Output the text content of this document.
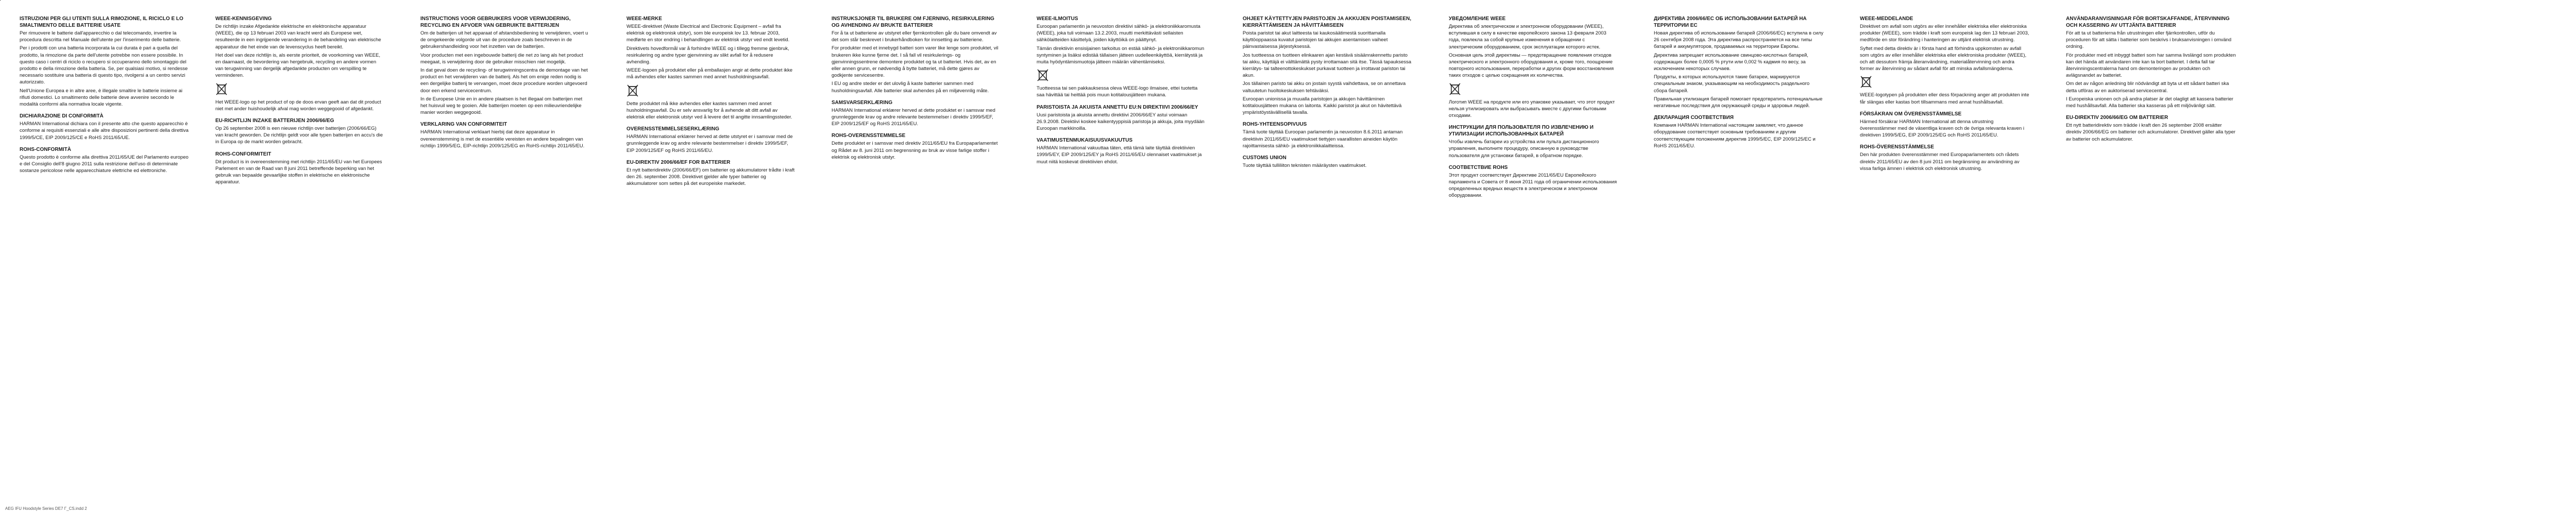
ISTRUZIONI PER GLI UTENTI SULLA RIMOZIONE, IL RICICLO E LO SMALTIMENTO DELLE BATTERIE USATE

Per rimuovere le batterie dall'apparecchio o dal telecomando, invertire la procedura descritta nel Manuale dell'utente per l'inserimento delle batterie.

Per i prodotti con una batteria incorporata la cui durata è pari a quella del prodotto, la rimozione da parte dell'utente potrebbe non essere possibile. In questo caso i centri di riciclo o recupero si occuperanno dello smontaggio del prodotto e della rimozione della batteria. Se, per qualsiasi motivo, si rendesse necessario sostituire una batteria di questo tipo, rivolgersi a un centro servizi autorizzato.

Nell'Unione Europea e in altre aree, è illegale smaltire le batterie insieme ai rifiuti domestici. Lo smaltimento delle batterie deve avvenire secondo le modalità conformi alla normativa locale vigente.

DICHIARAZIONE DI CONFORMITÀ

HARMAN International dichiara con il presente atto che questo apparecchio è conforme ai requisiti essenziali e alle altre disposizioni pertinenti della direttiva 1999/5/CE, EIP 2009/125/CE e RoHS 2011/65/UE.

ROHS-CONFORMITÀ

Questo prodotto è conforme alla direttiva 2011/65/UE del Parlamento europeo e del Consiglio dell'8 giugno 2011 sulla restrizione dell'uso di determinate sostanze pericolose nelle apparecchiature elettriche ed elettroniche.

WEEE-KENNISGEVING

De richtlijn inzake Afgedankte elektrische en elektronische apparatuur (WEEE), die op 13 februari 2003 van kracht werd als Europese wet, resulteerde in een ingrijpende verandering in de behandeling van elektrische apparatuur die het einde van de levenscyclus heeft bereikt.

Het doel van deze richtlijn is, als eerste prioriteit, de voorkoming van WEEE, en daarnaast, de bevordering van hergebruik, recycling en andere vormen van terugwinning van dergelijk afgedankte producten om verspilling te verminderen.

Het WEEE-logo op het product of op de doos ervan geeft aan dat dit product niet met ander huishoudelijk afval mag worden weggegooid of afgedankt.

EU-RICHTLIJN INZAKE BATTERIJEN 2006/66/EG

Op 26 september 2008 is een nieuwe richtlijn over batterijen (2006/66/EG) van kracht geworden. De richtlijn geldt voor alle typen batterijen en accu's die in Europa op de markt worden gebracht.

ROHS-CONFORMITEIT

Dit product is in overeenstemming met richtlijn 2011/65/EU van het Europees Parlement en van de Raad van 8 juni 2011 betreffende beperking van het gebruik van bepaalde gevaarlijke stoffen in elektrische en elektronische apparatuur.

INSTRUCTIONS VOOR GEBRUIKERS VOOR VERWIJDERING, RECYCLING EN AFVOER VAN GEBRUIKTE BATTERIJEN

Om de batterijen uit het apparaat of afstandsbediening te verwijderen, voert u de omgekeerde volgorde uit van de procedure zoals beschreven in de gebruikershandleiding voor het inzetten van de batterijen.

Voor producten met een ingebouwde batterij die net zo lang als het product meegaat, is verwijdering door de gebruiker misschien niet mogelijk.

In dat geval doen de recycling- of terugwinningscentra de demontage van het product en het verwijderen van de batterij. Als het om enige reden nodig is een dergelijke batterij te vervangen, moet deze procedure worden uitgevoerd door een erkend servicecentrum.

In de Europese Unie en in andere plaatsen is het illegaal om batterijen met het huisvuil weg te gooien. Alle batterijen moeten op een milieuvriendelijke manier worden weggegooid.

VERKLARING VAN CONFORMITEIT

HARMAN International verklaart hierbij dat deze apparatuur in overeenstemming is met de essentiële vereisten en andere bepalingen van richtlijn 1999/5/EG, EIP-richtlijn 2009/125/EG en RoHS-richtlijn 2011/65/EU.

WEEE-MERKE

WEEE-direktivet (Waste Electrical and Electronic Equipment – avfall fra elektrisk og elektronisk utstyr), som ble europeisk lov 13. februar 2003, medførte en stor endring i behandlingen av elektrisk utstyr ved endt levetid.

Direktivets hovedformål var å forhindre WEEE og i tillegg fremme gjenbruk, resirkulering og andre typer gjenvinning av slikt avfall for å redusere avhending.

WEEE-logoen på produktet eller på emballasjen angir at dette produktet ikke må avhendes eller kastes sammen med annet husholdningsavfall.

Dette produktet må ikke avhendes eller kastes sammen med annet husholdningsavfall. Du er selv ansvarlig for å avhende alt ditt avfall av elektrisk eller elektronisk utstyr ved å levere det til angitte innsamlingssteder.

OVERENSSTEMMELSESERKLÆRING

HARMAN International erklærer herved at dette utstyret er i samsvar med de grunnleggende krav og andre relevante bestemmelser i direktiv 1999/5/EF, EIP 2009/125/EF og RoHS 2011/65/EU.

EU-DIREKTIV 2006/66/EF FOR BATTERIER

Et nytt batteridirektiv (2006/66/EF) om batterier og akkumulatorer trådte i kraft den 26. september 2008. Direktivet gjelder alle typer batterier og akkumulatorer som settes på det europeiske markedet.

INSTRUKSJONER TIL BRUKERE OM FJERNING, RESIRKULERING OG AVHENDING AV BRUKTE BATTERIER

For å ta ut batteriene av utstyret eller fjernkontrollen går du bare omvendt av det som står beskrevet i brukerhåndboken for innsetting av batteriene.

For produkter med et innebygd batteri som varer like lenge som produktet, vil brukeren ikke kunne fjerne det. I så fall vil resirkulerings- og gjenvinningssentrene demontere produktet og ta ut batteriet. Hvis det, av en eller annen grunn, er nødvendig å bytte batteriet, må dette gjøres av godkjente servicesentre.

I EU og andre steder er det ulovlig å kaste batterier sammen med husholdningsavfall. Alle batterier skal avhendes på en miljøvennlig måte.

SAMSVARSERKLÆRING

HARMAN International erklærer herved at dette produktet er i samsvar med grunnleggende krav og andre relevante bestemmelser i direktiv 1999/5/EF, EIP 2009/125/EF og RoHS 2011/65/EU.

ROHS-OVERENSSTEMMELSE

Dette produktet er i samsvar med direktiv 2011/65/EU fra Europaparlamentet og Rådet av 8. juni 2011 om begrensning av bruk av visse farlige stoffer i elektrisk og elektronisk utstyr.

WEEE-ILMOITUS

Euroopan parlamentin ja neuvoston direktiivi sähkö- ja elektroniikkaromusta (WEEE), joka tuli voimaan 13.2.2003, muutti merkittävästi sellaisten sähkölaitteiden käsittelyä, joiden käyttöikä on päättynyt.

Tämän direktiivin ensisijainen tarkoitus on estää sähkö- ja elektroniikkaromun syntyminen ja lisäksi edistää tällaisen jätteen uudelleenkäyttöä, kierrätystä ja muita hyödyntämismuotoja jätteen määrän vähentämiseksi.

Tuotteessa tai sen pakkauksessa oleva WEEE-logo ilmaisee, ettei tuotetta saa hävittää tai heittää pois muun kotitalousjätteen mukana.

PARISTOISTA JA AKUISTA ANNETTU EU:N DIREKTIIVI 2006/66/EY

Uusi paristoista ja akuista annettu direktiivi 2006/66/EY astui voimaan 26.9.2008. Direktiivi koskee kaikentyyppisiä paristoja ja akkuja, joita myydään Euroopan markkinoilla.

VAATIMUSTENMUKAISUUSVAKUUTUS

HARMAN International vakuuttaa täten, että tämä laite täyttää direktiivien 1999/5/EY, EIP 2009/125/EY ja RoHS 2011/65/EU olennaiset vaatimukset ja muut niitä koskevat direktiivien ehdot.

OHJEET KÄYTETTYJEN PARISTOJEN JA AKKUJEN POISTAMISEEN, KIERRÄTTÄMISEEN JA HÄVITTÄMISEEN

Poista paristot tai akut laitteesta tai kaukosäätimestä suorittamalla käyttöoppaassa kuvatut paristojen tai akkujen asentamisen vaiheet päinvastaisessa järjestyksessä.

Jos tuotteessa on tuotteen elinkaaren ajan kestävä sisäänrakennettu paristo tai akku, käyttäjä ei välttämättä pysty irrottamaan sitä itse. Tässä tapauksessa kierrätys- tai talteenottokeskukset purkavat tuotteen ja irrottavat pariston tai akun.

Jos tällainen paristo tai akku on jostain syystä vaihdettava, se on annettava valtuutetun huoltokeskuksen tehtäväksi.

Euroopan unionissa ja muualla paristojen ja akkujen hävittäminen kotitalousjätteen mukana on laitonta. Kaikki paristot ja akut on hävitettävä ympäristöystävällisellä tavalla.

ROHS-YHTEENSOPIVUUS

Tämä tuote täyttää Euroopan parlamentin ja neuvoston 8.6.2011 antaman direktiivin 2011/65/EU vaatimukset tiettyjen vaarallisten aineiden käytön rajoittamisesta sähkö- ja elektroniikkalaitteissa.

CUSTOMS UNION

Tuote täyttää tulliliiton teknisten määräysten vaatimukset.

УВЕДОМЛЕНИЕ WEEE

Директива об электрическом и электронном оборудовании (WEEE), вступившая в силу в качестве европейского закона 13 февраля 2003 года, повлекла за собой крупные изменения в обращении с электрическим оборудованием, срок эксплуатации которого истек.

Основная цель этой директивы — предотвращение появления отходов электрического и электронного оборудования и, кроме того, поощрение повторного использования, переработки и других форм восстановления таких отходов с целью сокращения их количества.

Логотип WEEE на продукте или его упаковке указывает, что этот продукт нельзя утилизировать или выбрасывать вместе с другими бытовыми отходами.

ИНСТРУКЦИИ ДЛЯ ПОЛЬЗОВАТЕЛЯ ПО ИЗВЛЕЧЕНИЮ И УТИЛИЗАЦИИ ИСПОЛЬЗОВАННЫХ БАТАРЕЙ

Чтобы извлечь батареи из устройства или пульта дистанционного управления, выполните процедуру, описанную в руководстве пользователя для установки батарей, в обратном порядке.

СООТВЕТСТВИЕ ROHS

Этот продукт соответствует Директиве 2011/65/EU Европейского парламента и Совета от 8 июня 2011 года об ограничении использования определенных вредных веществ в электрическом и электронном оборудовании.

ДИРЕКТИВА 2006/66/EC ОБ ИСПОЛЬЗОВАНИИ БАТАРЕЙ НА ТЕРРИТОРИИ ЕС

Новая директива об использовании батарей (2006/66/EC) вступила в силу 26 сентября 2008 года. Эта директива распространяется на все типы батарей и аккумуляторов, продаваемых на территории Европы.

Директива запрещает использование свинцово-кислотных батарей, содержащих более 0,0005 % ртути или 0,002 % кадмия по весу, за исключением некоторых случаев.

Продукты, в которых используются такие батареи, маркируются специальным знаком, указывающим на необходимость раздельного сбора батарей.

Правильная утилизация батарей помогает предотвратить потенциальные негативные последствия для окружающей среды и здоровья людей.

ДЕКЛАРАЦИЯ СООТВЕТСТВИЯ

Компания HARMAN International настоящим заявляет, что данное оборудование соответствует основным требованиям и другим соответствующим положениям директив 1999/5/EC, EIP 2009/125/EC и RoHS 2011/65/EU.

WEEE-MEDDELANDE

Direktivet om avfall som utgörs av eller innehåller elektriska eller elektroniska produkter (WEEE), som trädde i kraft som europeisk lag den 13 februari 2003, medförde en stor förändring i hanteringen av uttjänt elektrisk utrustning.

Syftet med detta direktiv är i första hand att förhindra uppkomsten av avfall som utgörs av eller innehåller elektriska eller elektroniska produkter (WEEE), och att dessutom främja återanvändning, materialåtervinning och andra former av återvinning av sådant avfall för att minska avfallsmängderna.

WEEE-logotypen på produkten eller dess förpackning anger att produkten inte får slängas eller kastas bort tillsammans med annat hushållsavfall.

FÖRSÄKRAN OM ÖVERENSSTÄMMELSE

Härmed försäkrar HARMAN International att denna utrustning överensstämmer med de väsentliga kraven och de övriga relevanta kraven i direktiven 1999/5/EG, EIP 2009/125/EG och RoHS 2011/65/EU.

ROHS-ÖVERENSSTÄMMELSE

Den här produkten överensstämmer med Europaparlamentets och rådets direktiv 2011/65/EU av den 8 juni 2011 om begränsning av användning av vissa farliga ämnen i elektrisk och elektronisk utrustning.

ANVÄNDARANVISNINGAR FÖR BORTSKAFFANDE, ÅTERVINNING OCH KASSERING AV UTTJÄNTA BATTERIER

För att ta ut batterierna från utrustningen eller fjärrkontrollen, utför du proceduren för att sätta i batterier som beskrivs i bruksanvisningen i omvänd ordning.

För produkter med ett inbyggt batteri som har samma livslängd som produkten kan det hända att användaren inte kan ta bort batteriet. I detta fall tar återvinningscentralerna hand om demonteringen av produkten och avlägsnandet av batteriet.

Om det av någon anledning blir nödvändigt att byta ut ett sådant batteri ska detta utföras av en auktoriserad servicecentral.

I Europeiska unionen och på andra platser är det olagligt att kassera batterier med hushållsavfall. Alla batterier ska kasseras på ett miljövänligt sätt.

EU-DIREKTIV 2006/66/EG OM BATTERIER

Ett nytt batteridirektiv som trädde i kraft den 26 september 2008 ersätter direktiv 2006/66/EG om batterier och ackumulatorer. Direktivet gäller alla typer av batterier och ackumulatorer.

AEG IFU Hoodstyle Series DE7 Γ_CS.indd 2
